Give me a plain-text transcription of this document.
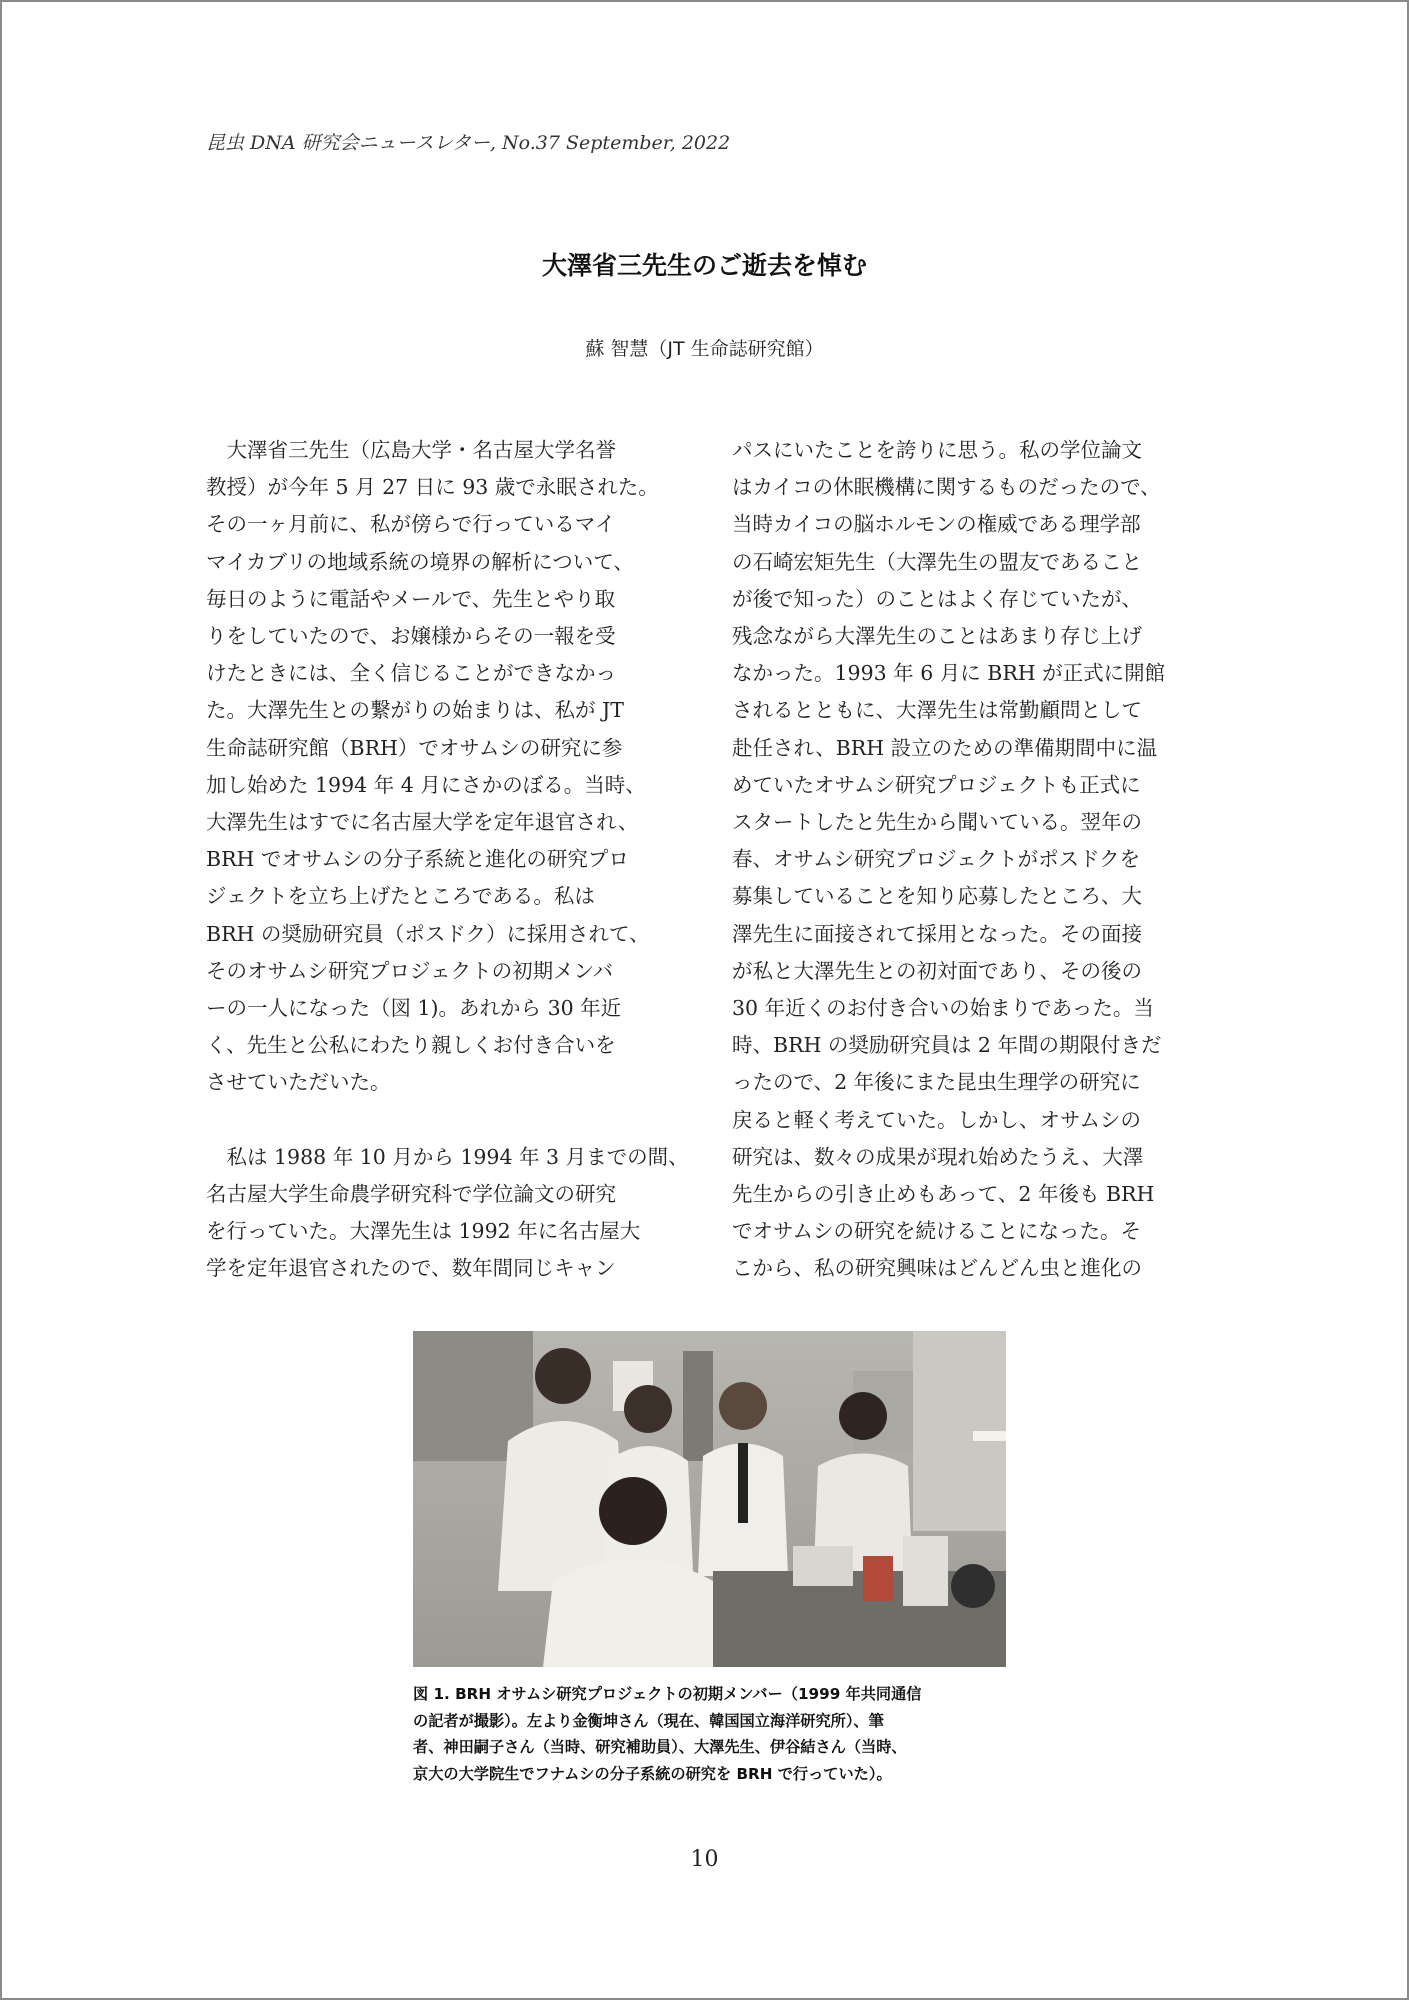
昆虫 DNA 研究会ニュースレター, No.37 September, 2022
大澤省三先生のご逝去を悼む
蘇 智慧（JT 生命誌研究館）

　大澤省三先生（広島大学・名古屋大学名誉

教授）が今年 5 月 27 日に 93 歳で永眠された。

その一ヶ月前に、私が傍らで行っているマイ

マイカブリの地域系統の境界の解析について、

毎日のように電話やメールで、先生とやり取

りをしていたので、お嬢様からその一報を受

けたときには、全く信じることができなかっ

た。大澤先生との繋がりの始まりは、私が JT

生命誌研究館（BRH）でオサムシの研究に参

加し始めた 1994 年 4 月にさかのぼる。当時、

大澤先生はすでに名古屋大学を定年退官され、

BRH でオサムシの分子系統と進化の研究プロ

ジェクトを立ち上げたところである。私は

BRH の奨励研究員（ポスドク）に採用されて、

そのオサムシ研究プロジェクトの初期メンバ

ーの一人になった（図 1)。あれから 30 年近

く、先生と公私にわたり親しくお付き合いを

させていただいた。

　私は 1988 年 10 月から 1994 年 3 月までの間、

名古屋大学生命農学研究科で学位論文の研究

を行っていた。大澤先生は 1992 年に名古屋大

学を定年退官されたので、数年間同じキャン

パスにいたことを誇りに思う。私の学位論文

はカイコの休眠機構に関するものだったので、

当時カイコの脳ホルモンの権威である理学部

の石崎宏矩先生（大澤先生の盟友であること

が後で知った）のことはよく存じていたが、

残念ながら大澤先生のことはあまり存じ上げ

なかった。1993 年 6 月に BRH が正式に開館

されるとともに、大澤先生は常勤顧問として

赴任され、BRH 設立のための準備期間中に温

めていたオサムシ研究プロジェクトも正式に

スタートしたと先生から聞いている。翌年の

春、オサムシ研究プロジェクトがポスドクを

募集していることを知り応募したところ、大

澤先生に面接されて採用となった。その面接

が私と大澤先生との初対面であり、その後の

30 年近くのお付き合いの始まりであった。当

時、BRH の奨励研究員は 2 年間の期限付きだ

ったので、2 年後にまた昆虫生理学の研究に

戻ると軽く考えていた。しかし、オサムシの

研究は、数々の成果が現れ始めたうえ、大澤

先生からの引き止めもあって、2 年後も BRH

でオサムシの研究を続けることになった。そ

こから、私の研究興味はどんどん虫と進化の

図 1. BRH オサムシ研究プロジェクトの初期メンバー（1999 年共同通信

の記者が撮影）。左より金衡坤さん（現在、韓国国立海洋研究所）、筆

者、神田嗣子さん（当時、研究補助員）、大澤先生、伊谷結さん（当時、

京大の大学院生でフナムシの分子系統の研究を BRH で行っていた）。

10
